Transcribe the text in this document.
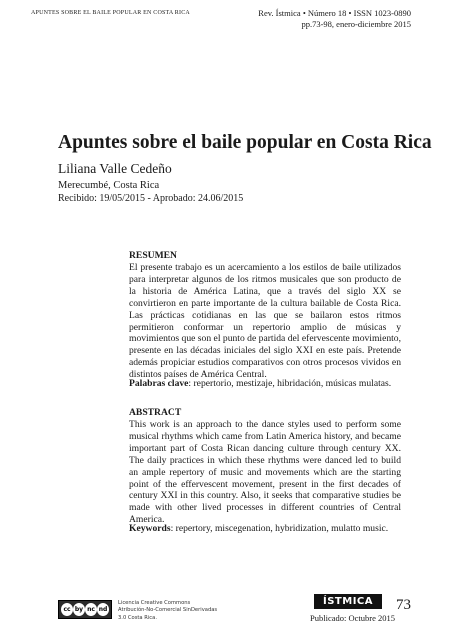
APUNTES SOBRE EL BAILE POPULAR EN COSTA RICA	Rev. Ístmica • Número 18 • ISSN 1023-0890
pp.73-98, enero-diciembre 2015
Apuntes sobre el baile popular en Costa Rica
Liliana Valle Cedeño
Merecumbé, Costa Rica
Recibido: 19/05/2015 - Aprobado: 24.06/2015
RESUMEN
El presente trabajo es un acercamiento a los estilos de baile utilizados para interpretar algunos de los ritmos musicales que son producto de la historia de América Latina, que a través del siglo XX se convirtieron en parte importante de la cultura bailable de Costa Rica. Las prácticas cotidianas en las que se bailaron estos ritmos permitieron conformar un repertorio amplio de músicas y movimientos que son el punto de partida del efervescente movimiento, presente en las décadas iniciales del siglo XXI en este país. Pretende además propiciar estudios comparativos con otros procesos vividos en distintos países de América Central.
Palabras clave: repertorio, mestizaje, hibridación, músicas mulatas.
ABSTRACT
This work is an approach to the dance styles used to perform some musical rhythms which came from Latin America history, and became important part of Costa Rican dancing culture through century XX. The daily practices in which these rhythms were danced led to build an ample repertory of music and movements which are the starting point of the effervescent movement, present in the first decades of century XXI in this country. Also, it seeks that comparative studies be made with other lived processes in different countries of Central America.
Keywords: repertory, miscegenation, hybridization, mulatto music.
cc by nc nd
Licencia Creative Commons
Atribución-No-Comercial SinDerivadas
3.0 Costa Rica.
ÍSTMICA
Publicado: Octubre 2015
73
